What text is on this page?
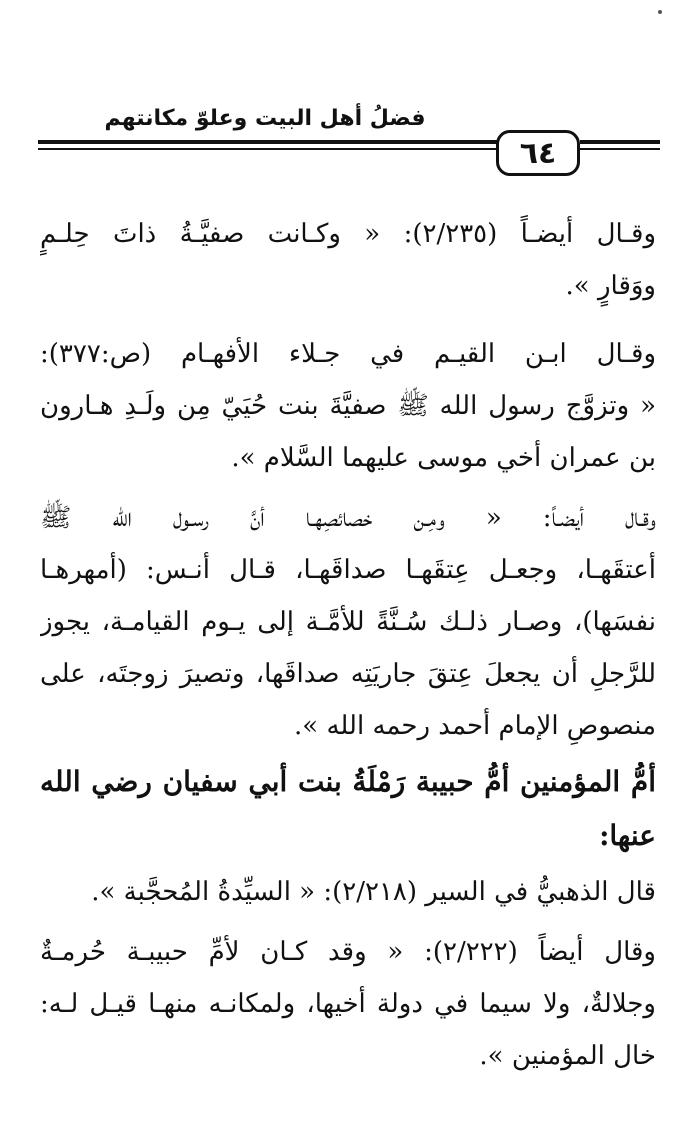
فضلُ أهل البيت وعلوّ مكانتهم
٦٤
وقـال أيضـاً (٢/٢٣٥): « وكـانت صفيَّـةُ ذاتَ حِلـمٍ
ووَقارٍ ».
وقـال ابـن القيـم في جـلاء الأفهـام (ص:٣٧٧):
« وتزوَّج رسول الله ﷺ صفيَّةَ بنت حُيَيّ مِن ولَـدِ هـارون
بن عمران أخي موسى عليهما السَّلام ».
وقـال أيضـاً: « ومِـن خصائصِهـا أنَّ رسـول الله ﷺ
أعتقَهـا، وجعـل عِتقَهـا صداقَهـا، قـال أنـس: (أمهرهـا
نفسَها)، وصـار ذلـك سُـنَّةً للأمَّـة إلى يـوم القيامـة، يجوز
للرَّجلِ أن يجعلَ عِتقَ جاريَتِه صداقَها، وتصيرَ زوجتَه، على
منصوصِ الإمام أحمد رحمه الله ».
أمُّ المؤمنين أمُّ حبيبة رَمْلَةُ بنت أبي سفيان رضي الله
عنها:
قال الذهبيُّ في السير (٢/٢١٨): « السيِّدةُ المُحجَّبة ».
وقال أيضاً (٢/٢٢٢): « وقد كـان لأمِّ حبيبـة حُرمـةٌ
وجلالةٌ، ولا سيما في دولة أخيها، ولمكانـه منهـا قيـل لـه:
خال المؤمنين ».
